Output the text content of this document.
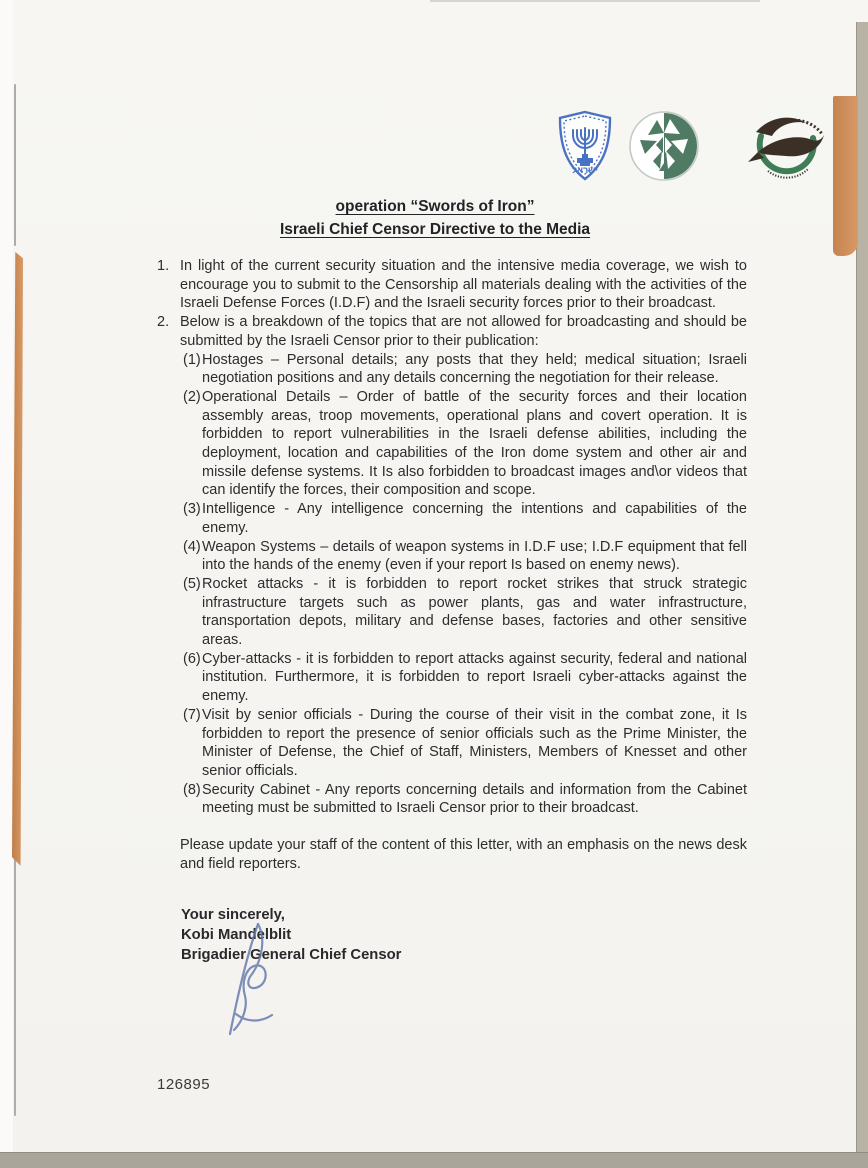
ישראל
operation “Swords of Iron”
Israeli Chief Censor Directive to the Media
1. In light of the current security situation and the intensive media coverage, we wish to encourage you to submit to the Censorship all materials dealing with the activities of the Israeli Defense Forces (I.D.F) and the Israeli security forces prior to their broadcast.
2. Below is a breakdown of the topics that are not allowed for broadcasting and should be submitted by the Israeli Censor prior to their publication:
(1) Hostages – Personal details; any posts that they held; medical situation; Israeli negotiation positions and any details concerning the negotiation for their release.
(2) Operational Details – Order of battle of the security forces and their location assembly areas, troop movements, operational plans and covert operation. It is forbidden to report vulnerabilities in the Israeli defense abilities, including the deployment, location and capabilities of the Iron dome system and other air and missile defense systems. It Is also forbidden to broadcast images and\or videos that can identify the forces, their composition and scope.
(3) Intelligence - Any intelligence concerning the intentions and capabilities of the enemy.
(4) Weapon Systems – details of weapon systems in I.D.F use; I.D.F equipment that fell into the hands of the enemy (even if your report Is based on enemy news).
(5) Rocket attacks - it is forbidden to report rocket strikes that struck strategic infrastructure targets such as power plants, gas and water infrastructure, transportation depots, military and defense bases, factories and other sensitive areas.
(6) Cyber-attacks - it is forbidden to report attacks against security, federal and national institution. Furthermore, it is forbidden to report Israeli cyber-attacks against the enemy.
(7) Visit by senior officials - During the course of their visit in the combat zone, it Is forbidden to report the presence of senior officials such as the Prime Minister, the Minister of Defense, the Chief of Staff, Ministers, Members of Knesset and other senior officials.
(8) Security Cabinet - Any reports concerning details and information from the Cabinet meeting must be submitted to Israeli Censor prior to their broadcast.

Please update your staff of the content of this letter, with an emphasis on the news desk and field reporters.

Your sincerely,
Kobi Mandelblit
Brigadier General Chief Censor
126895
